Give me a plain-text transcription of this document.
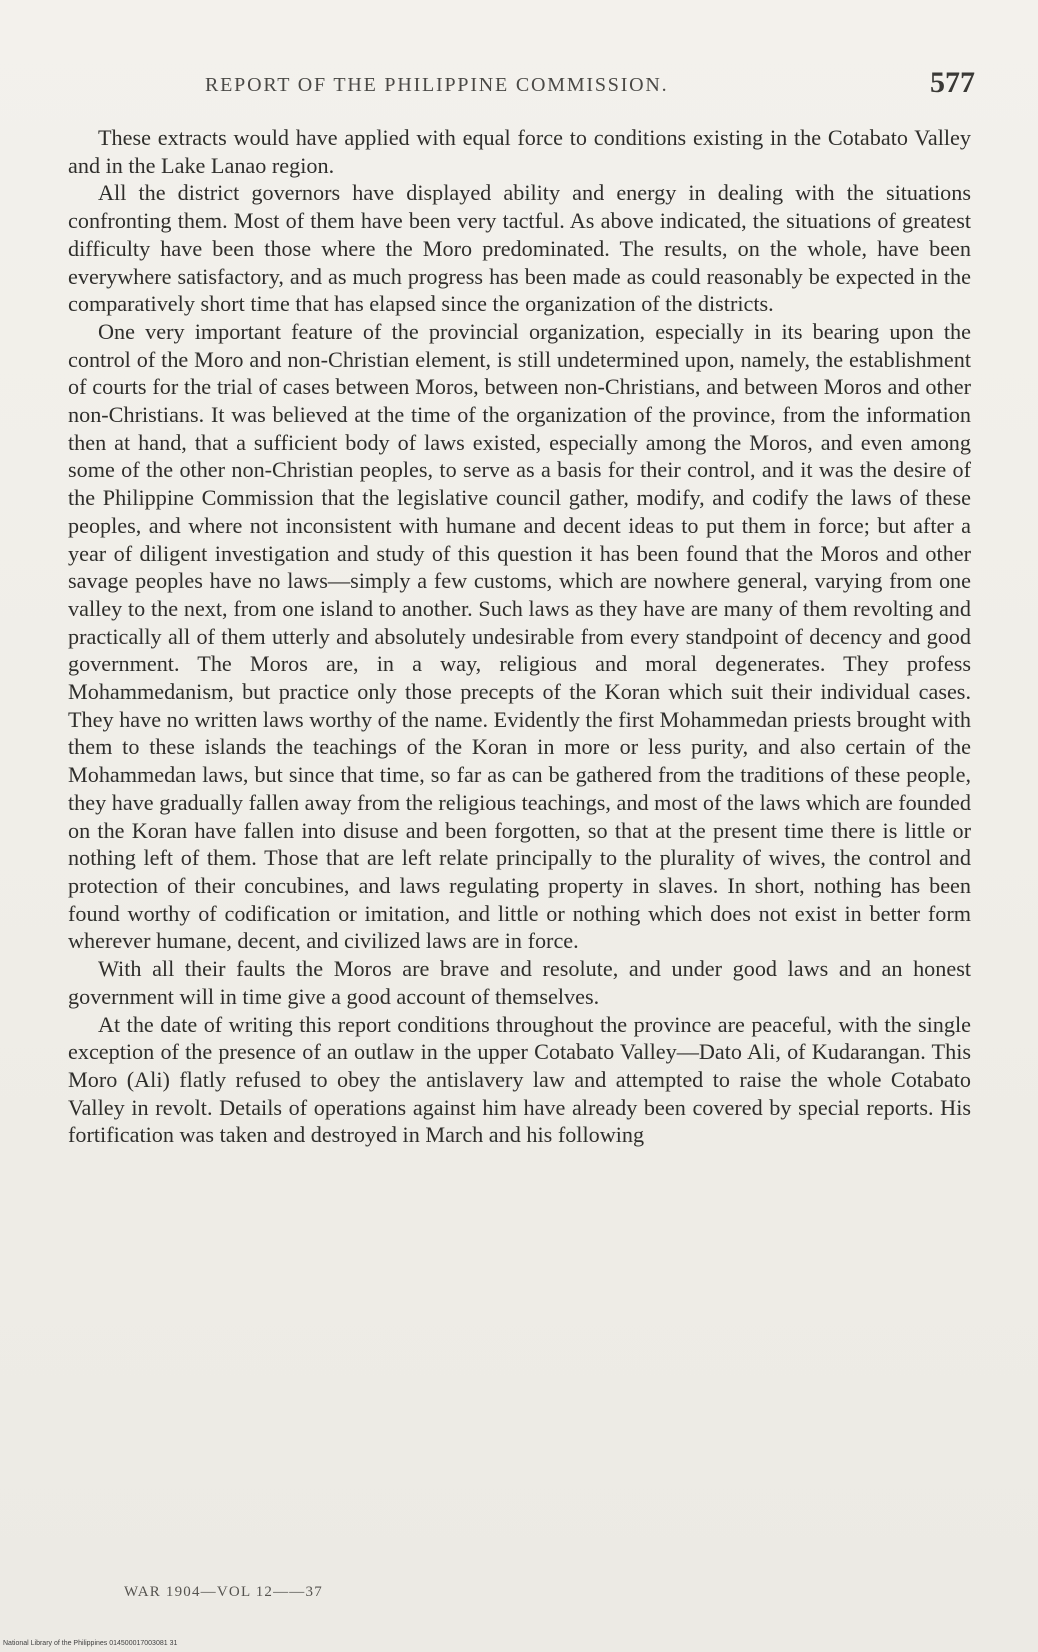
REPORT OF THE PHILIPPINE COMMISSION.	577

These extracts would have applied with equal force to conditions existing in the Cotabato Valley and in the Lake Lanao region.

All the district governors have displayed ability and energy in dealing with the situations confronting them. Most of them have been very tactful. As above indicated, the situations of greatest difficulty have been those where the Moro predominated. The results, on the whole, have been everywhere satisfactory, and as much progress has been made as could reasonably be expected in the comparatively short time that has elapsed since the organization of the districts.

One very important feature of the provincial organization, especially in its bearing upon the control of the Moro and non-Christian element, is still undetermined upon, namely, the establishment of courts for the trial of cases between Moros, between non-Christians, and between Moros and other non-Christians. It was believed at the time of the organization of the province, from the information then at hand, that a sufficient body of laws existed, especially among the Moros, and even among some of the other non-Christian peoples, to serve as a basis for their control, and it was the desire of the Philippine Commission that the legislative council gather, modify, and codify the laws of these peoples, and where not inconsistent with humane and decent ideas to put them in force; but after a year of diligent investigation and study of this question it has been found that the Moros and other savage peoples have no laws—simply a few customs, which are nowhere general, varying from one valley to the next, from one island to another. Such laws as they have are many of them revolting and practically all of them utterly and absolutely undesirable from every standpoint of decency and good government. The Moros are, in a way, religious and moral degenerates. They profess Mohammedanism, but practice only those precepts of the Koran which suit their individual cases. They have no written laws worthy of the name. Evidently the first Mohammedan priests brought with them to these islands the teachings of the Koran in more or less purity, and also certain of the Mohammedan laws, but since that time, so far as can be gathered from the traditions of these people, they have gradually fallen away from the religious teachings, and most of the laws which are founded on the Koran have fallen into disuse and been forgotten, so that at the present time there is little or nothing left of them. Those that are left relate principally to the plurality of wives, the control and protection of their concubines, and laws regulating property in slaves. In short, nothing has been found worthy of codification or imitation, and little or nothing which does not exist in better form wherever humane, decent, and civilized laws are in force.

With all their faults the Moros are brave and resolute, and under good laws and an honest government will in time give a good account of themselves.

At the date of writing this report conditions throughout the province are peaceful, with the single exception of the presence of an outlaw in the upper Cotabato Valley—Dato Ali, of Kudarangan. This Moro (Ali) flatly refused to obey the antislavery law and attempted to raise the whole Cotabato Valley in revolt. Details of operations against him have already been covered by special reports. His fortification was taken and destroyed in March and his following

WAR 1904—VOL 12——37
National Library of the Philippines 014500017003081 31
